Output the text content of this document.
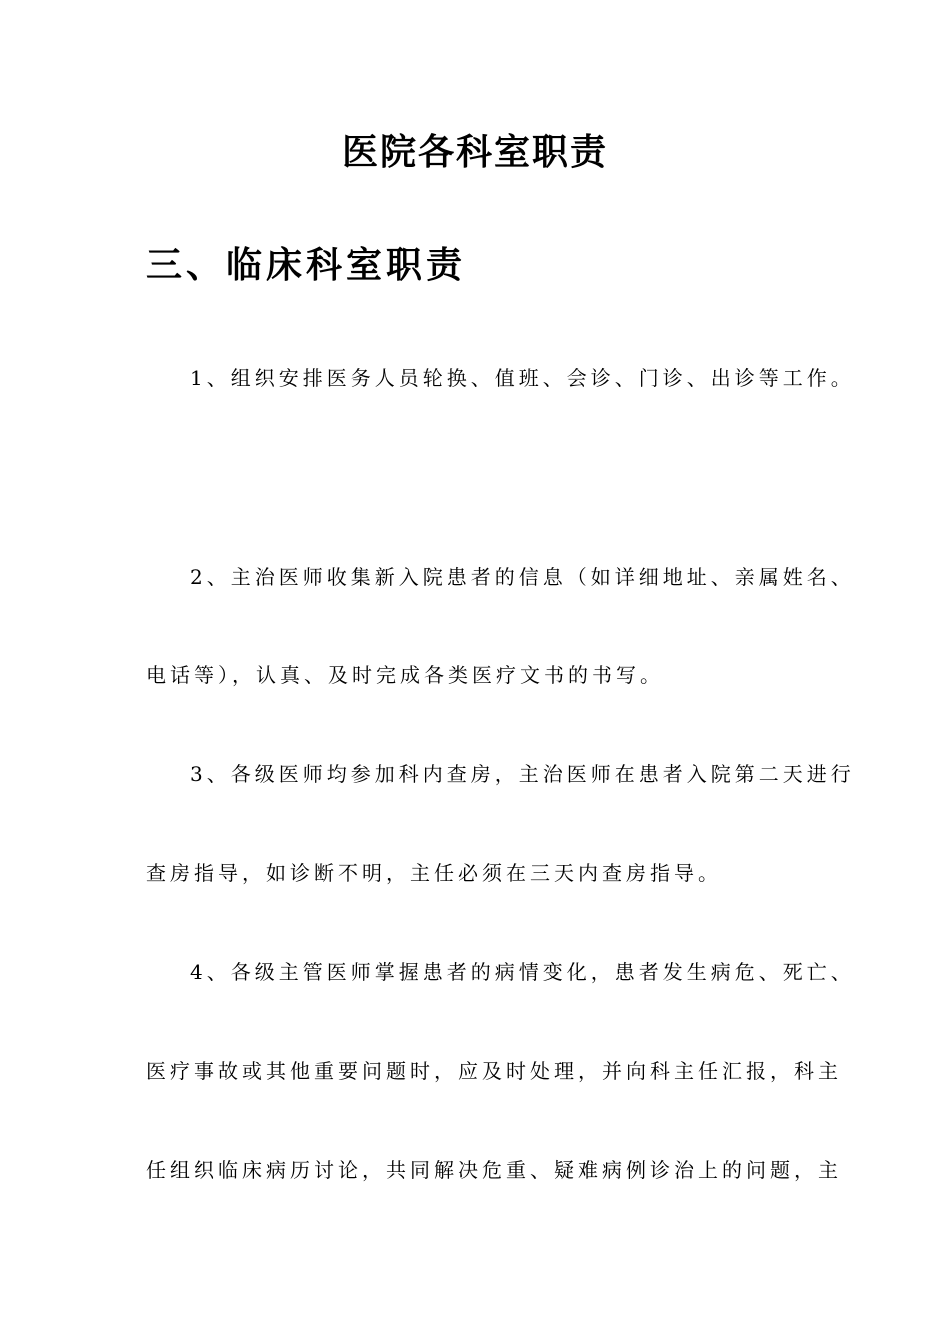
医院各科室职责
三、临床科室职责
1、组织安排医务人员轮换、值班、会诊、门诊、出诊等工作。
2、主治医师收集新入院患者的信息（如详细地址、亲属姓名、
电话等），认真、及时完成各类医疗文书的书写。
3、各级医师均参加科内查房，主治医师在患者入院第二天进行
查房指导，如诊断不明，主任必须在三天内查房指导。
4、各级主管医师掌握患者的病情变化，患者发生病危、死亡、
医疗事故或其他重要问题时，应及时处理，并向科主任汇报，科主
任组织临床病历讨论，共同解决危重、疑难病例诊治上的问题，主
